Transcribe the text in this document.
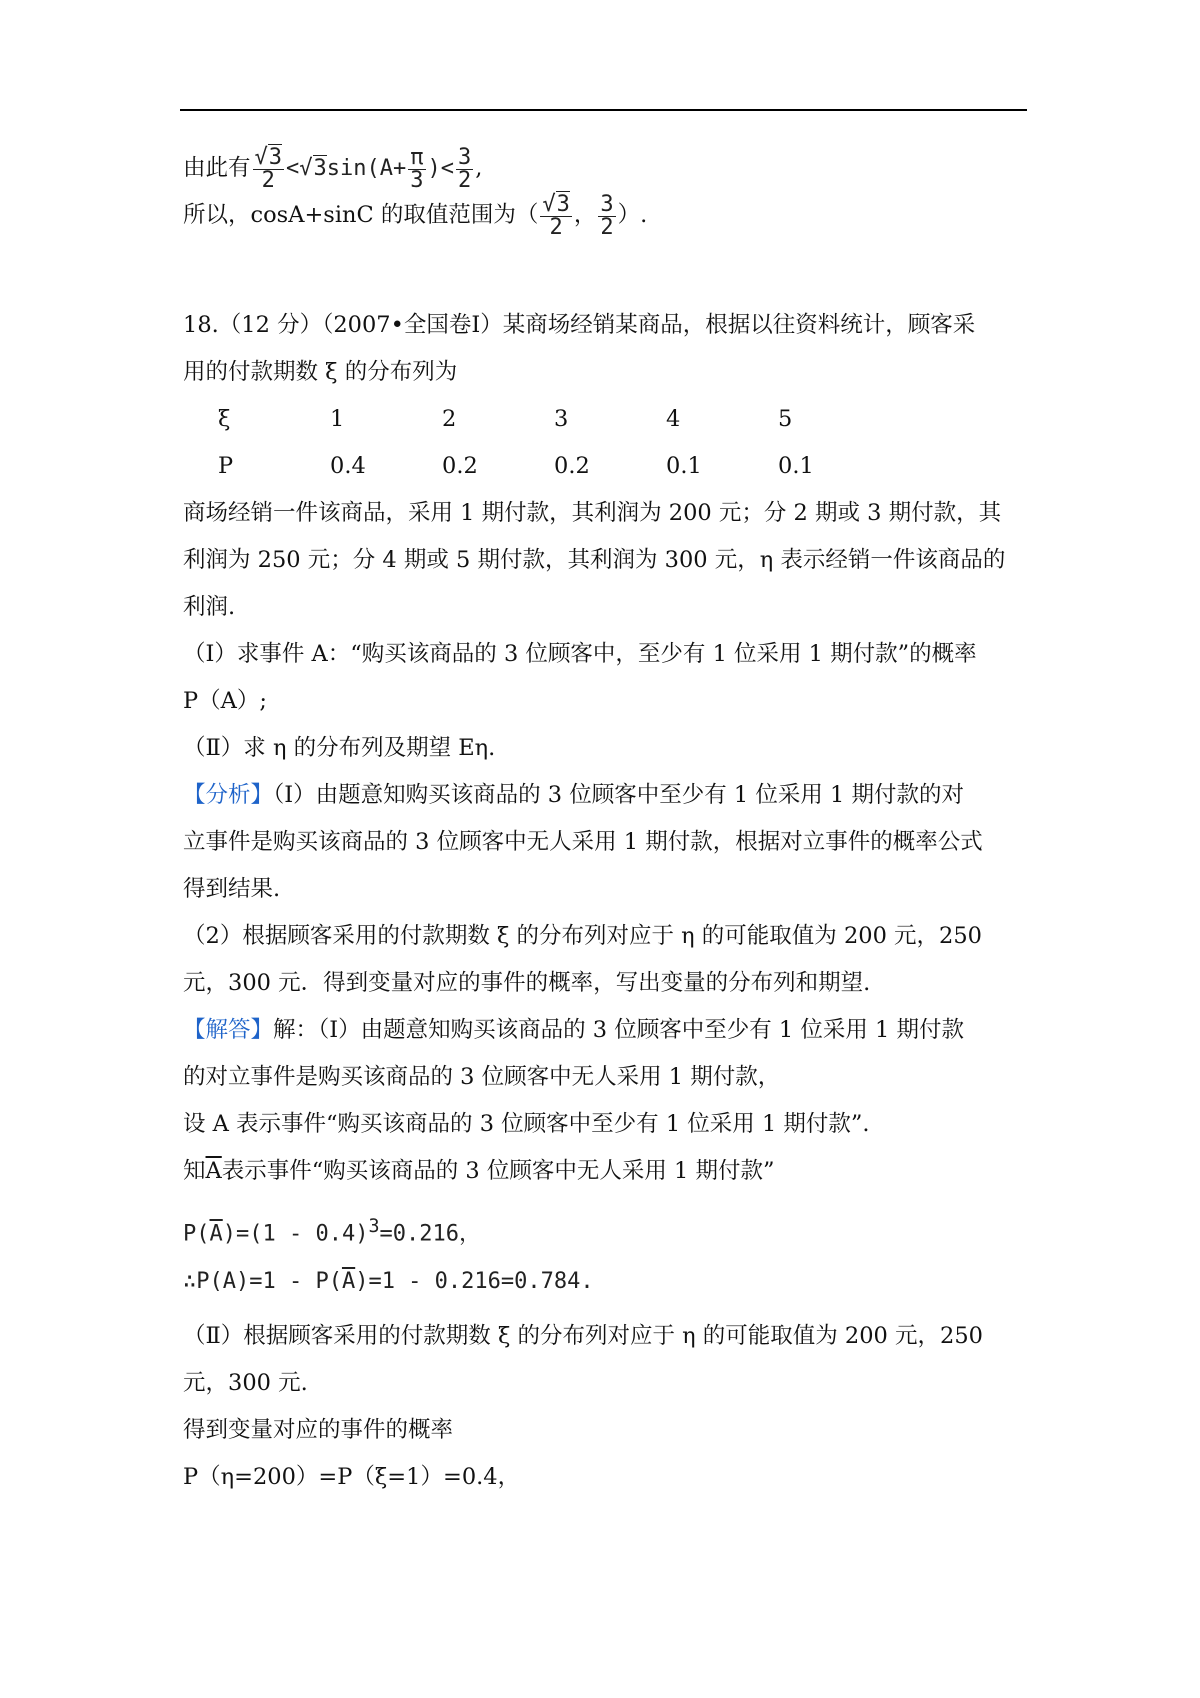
由此有 $\frac{√3}{2} <√3\sin(A+ \frac{\pi}{3}$ )< $\frac{3}{2}$ ,
所以，cosA+sinC 的取值范围为（ $\frac{√3}{2}$ ， $\frac{3}{2}$ ）.
18.（12 分）（2007•全国卷Ⅰ）某商场经销某商品，根据以往资料统计，顾客采
用的付款期数 ξ 的分布列为
ξ	1	2	3	4	5
P	0.4	0.2	0.2	0.1	0.1
商场经销一件该商品，采用 1 期付款，其利润为 200 元；分 2 期或 3 期付款，其
利润为 250 元；分 4 期或 5 期付款，其利润为 300 元，η 表示经销一件该商品的
利润.
（Ⅰ）求事件 A：“购买该商品的 3 位顾客中，至少有 1 位采用 1 期付款”的概率
P（A）;
（Ⅱ）求 η 的分布列及期望 Eη.
【分析】（Ⅰ）由题意知购买该商品的 3 位顾客中至少有 1 位采用 1 期付款的对
立事件是购买该商品的 3 位顾客中无人采用 1 期付款，根据对立事件的概率公式
得到结果.
（2）根据顾客采用的付款期数 ξ 的分布列对应于 η 的可能取值为 200 元，250
元，300 元．得到变量对应的事件的概率，写出变量的分布列和期望.
【解答】解：（Ⅰ）由题意知购买该商品的 3 位顾客中至少有 1 位采用 1 期付款
的对立事件是购买该商品的 3 位顾客中无人采用 1 期付款，
设 A 表示事件“购买该商品的 3 位顾客中至少有 1 位采用 1 期付款”.
知$\overline{A}$表示事件“购买该商品的 3 位顾客中无人采用 1 期付款”
$P(\overline{A})=(1 - 0.4)^3=0.216$，
∴P(A)=1 - $P(\overline{A})=1 - 0.216=0.784$.
（Ⅱ）根据顾客采用的付款期数 ξ 的分布列对应于 η 的可能取值为 200 元，250
元，300 元.
得到变量对应的事件的概率
P（η=200）=P（ξ=1）=0.4，
